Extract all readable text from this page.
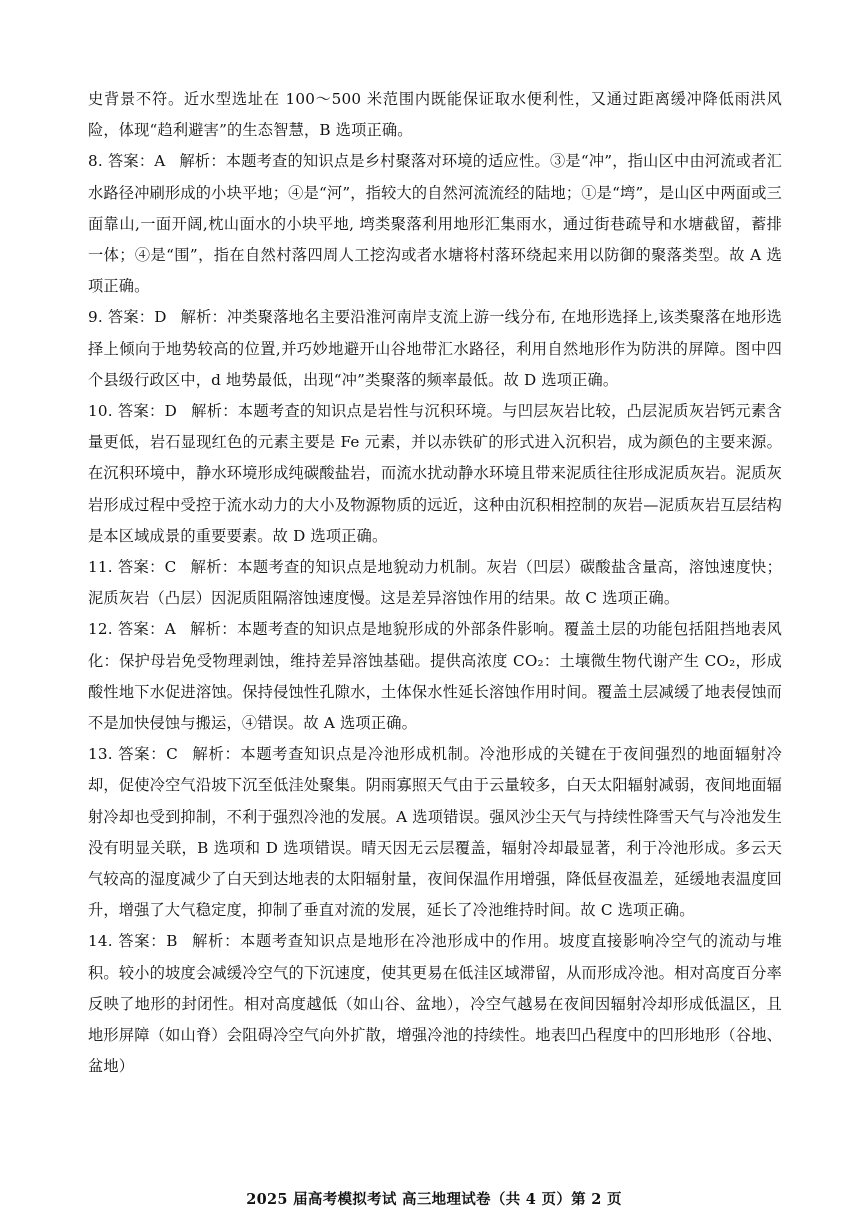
史背景不符。近水型选址在 100～500 米范围内既能保证取水便利性，又通过距离缓冲降低雨洪风险，体现“趋利避害”的生态智慧，B 选项正确。

8. 答案：A 解析：本题考查的知识点是乡村聚落对环境的适应性。③是“冲”，指山区中由河流或者汇水路径冲刷形成的小块平地；④是“河”，指较大的自然河流流经的陆地；①是“塆”，是山区中两面或三面靠山,一面开阔,枕山面水的小块平地, 塆类聚落利用地形汇集雨水，通过街巷疏导和水塘截留，蓄排一体；④是“围”，指在自然村落四周人工挖沟或者水塘将村落环绕起来用以防御的聚落类型。故 A 选项正确。

9. 答案：D 解析：冲类聚落地名主要沿淮河南岸支流上游一线分布, 在地形选择上,该类聚落在地形选择上倾向于地势较高的位置,并巧妙地避开山谷地带汇水路径，利用自然地形作为防洪的屏障。图中四个县级行政区中，d 地势最低，出现“冲”类聚落的频率最低。故 D 选项正确。

10. 答案：D 解析：本题考查的知识点是岩性与沉积环境。与凹层灰岩比较，凸层泥质灰岩钙元素含量更低，岩石显现红色的元素主要是 Fe 元素，并以赤铁矿的形式进入沉积岩，成为颜色的主要来源。在沉积环境中，静水环境形成纯碳酸盐岩，而流水扰动静水环境且带来泥质往往形成泥质灰岩。泥质灰岩形成过程中受控于流水动力的大小及物源物质的远近，这种由沉积相控制的灰岩—泥质灰岩互层结构是本区域成景的重要要素。故 D 选项正确。

11. 答案：C 解析：本题考查的知识点是地貌动力机制。灰岩（凹层）碳酸盐含量高，溶蚀速度快；泥质灰岩（凸层）因泥质阻隔溶蚀速度慢。这是差异溶蚀作用的结果。故 C 选项正确。

12. 答案：A 解析：本题考查的知识点是地貌形成的外部条件影响。覆盖土层的功能包括阻挡地表风化：保护母岩免受物理剥蚀，维持差异溶蚀基础。提供高浓度 CO₂：土壤微生物代谢产生 CO₂，形成酸性地下水促进溶蚀。保持侵蚀性孔隙水，土体保水性延长溶蚀作用时间。覆盖土层减缓了地表侵蚀而不是加快侵蚀与搬运，④错误。故 A 选项正确。

13. 答案：C 解析：本题考查知识点是冷池形成机制。冷池形成的关键在于夜间强烈的地面辐射冷却，促使冷空气沿坡下沉至低洼处聚集。阴雨寡照天气由于云量较多，白天太阳辐射减弱，夜间地面辐射冷却也受到抑制，不利于强烈冷池的发展。A 选项错误。强风沙尘天气与持续性降雪天气与冷池发生没有明显关联，B 选项和 D 选项错误。晴天因无云层覆盖，辐射冷却最显著，利于冷池形成。多云天气较高的湿度减少了白天到达地表的太阳辐射量，夜间保温作用增强，降低昼夜温差，延缓地表温度回升，增强了大气稳定度，抑制了垂直对流的发展，延长了冷池维持时间。故 C 选项正确。

14. 答案：B 解析：本题考查知识点是地形在冷池形成中的作用。坡度直接影响冷空气的流动与堆积。较小的坡度会减缓冷空气的下沉速度，使其更易在低洼区域滞留，从而形成冷池。相对高度百分率反映了地形的封闭性。相对高度越低（如山谷、盆地），冷空气越易在夜间因辐射冷却形成低温区，且地形屏障（如山脊）会阻碍冷空气向外扩散，增强冷池的持续性。地表凹凸程度中的凹形地形（谷地、盆地）

2025 届高考模拟考试 高三地理试卷（共 4 页）第 2 页
